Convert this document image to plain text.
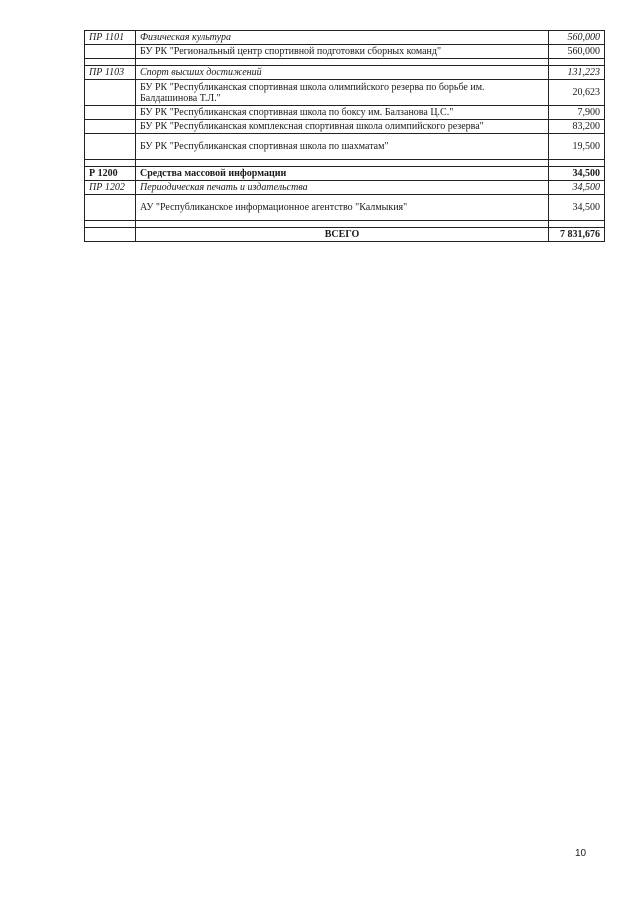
ПР 1101	Физическая культура	560,000
	БУ РК "Региональный центр спортивной подготовки сборных команд"	560,000

ПР 1103	Спорт высших достижений	131,223
	БУ РК "Республиканская спортивная школа олимпийского резерва по борьбе им. Балдашинова Т.Л."	20,623
	БУ РК "Республиканская спортивная школа по боксу им. Балзанова Ц.С."	7,900
	БУ РК "Республиканская комплексная спортивная школа олимпийского резерва"	83,200
	БУ РК "Республиканская спортивная школа по шахматам"	19,500

Р 1200	Средства массовой информации	34,500
ПР 1202	Периодическая печать и издательства	34,500
	АУ "Республиканское информационное агентство "Калмыкия"	34,500

	ВСЕГО	7 831,676
10
